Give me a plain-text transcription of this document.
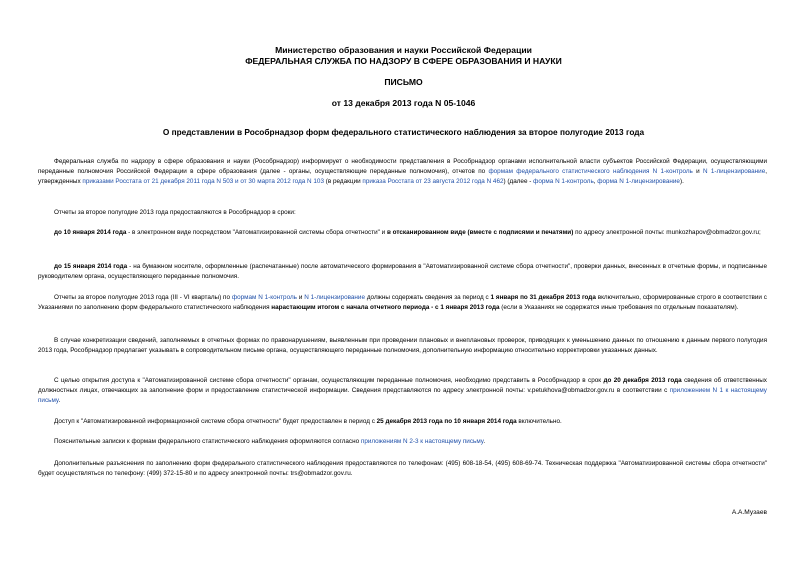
Министерство образования и науки Российской Федерации
ФЕДЕРАЛЬНАЯ СЛУЖБА ПО НАДЗОРУ В СФЕРЕ ОБРАЗОВАНИЯ И НАУКИ
ПИСЬМО
от 13 декабря 2013 года N 05-1046
О представлении в Рособрнадзор форм федерального статистического наблюдения за второе полугодие 2013 года
Федеральная служба по надзору в сфере образования и науки (Рособрнадзор) информирует о необходимости представления в Рособрнадзор органами исполнительной власти субъектов Российской Федерации, осуществляющими переданные полномочия Российской Федерации в сфере образования (далее - органы, осуществляющие переданные полномочия), отчетов по формам федерального статистического наблюдения N 1-контроль и N 1-лицензирование, утвержденных приказами Росстата от 21 декабря 2011 года N 503 и от 30 марта 2012 года N 103 (в редакции приказа Росстата от 23 августа 2012 года N 462) (далее - форма N 1-контроль, форма N 1-лицензирование).
Отчеты за второе полугодие 2013 года предоставляются в Рособрнадзор в сроки:
до 10 января 2014 года - в электронном виде посредством "Автоматизированной системы сбора отчетности" и в отсканированном виде (вместе с подписями и печатями) по адресу электронной почты: munkozhapov@obmadzor.gov.ru;
до 15 января 2014 года - на бумажном носителе, оформленные (распечатанные) после автоматического формирования в "Автоматизированной системе сбора отчетности", проверки данных, внесенных в отчетные формы, и подписанные руководителем органа, осуществляющего переданные полномочия.
Отчеты за второе полугодие 2013 года (III - VI кварталы) по формам N 1-контроль и N 1-лицензирование должны содержать сведения за период с 1 января по 31 декабря 2013 года включительно, сформированные строго в соответствии с Указаниями по заполнению форм федерального статистического наблюдения нарастающим итогом с начала отчетного периода - с 1 января 2013 года (если в Указаниях не содержатся иные требования по отдельным показателям).
В случае конкретизации сведений, заполняемых в отчетных формах по правонарушениям, выявленным при проведении плановых и внеплановых проверок, приводящих к уменьшению данных по отношению к данным первого полугодия 2013 года, Рособрнадзор предлагает указывать в сопроводительном письме органа, осуществляющего переданные полномочия, дополнительную информацию относительно корректировки указанных данных.
С целью открытия доступа к "Автоматизированной системе сбора отчетности" органам, осуществляющим переданные полномочия, необходимо представить в Рособрнадзор в срок до 20 декабря 2013 года сведения об ответственных должностных лицах, отвечающих за заполнение форм и предоставление статистической информации. Сведения представляются по адресу электронной почты: v.petukhova@obmadzor.gov.ru в соответствии с приложением N 1 к настоящему письму.
Доступ к "Автоматизированной информационной системе сбора отчетности" будет предоставлен в период с 25 декабря 2013 года по 10 января 2014 года включительно.
Пояснительные записки к формам федерального статистического наблюдения оформляются согласно приложениям N 2-3 к настоящему письму.
Дополнительные разъяснения по заполнению форм федерального статистического наблюдения предоставляются по телефонам: (495) 608-18-54, (495) 608-69-74. Техническая поддержка "Автоматизированной системы сбора отчетности" будет осуществляться по телефону: (499) 372-15-80 и по адресу электронной почты: trs@obmadzor.gov.ru.
А.А.Музаев
